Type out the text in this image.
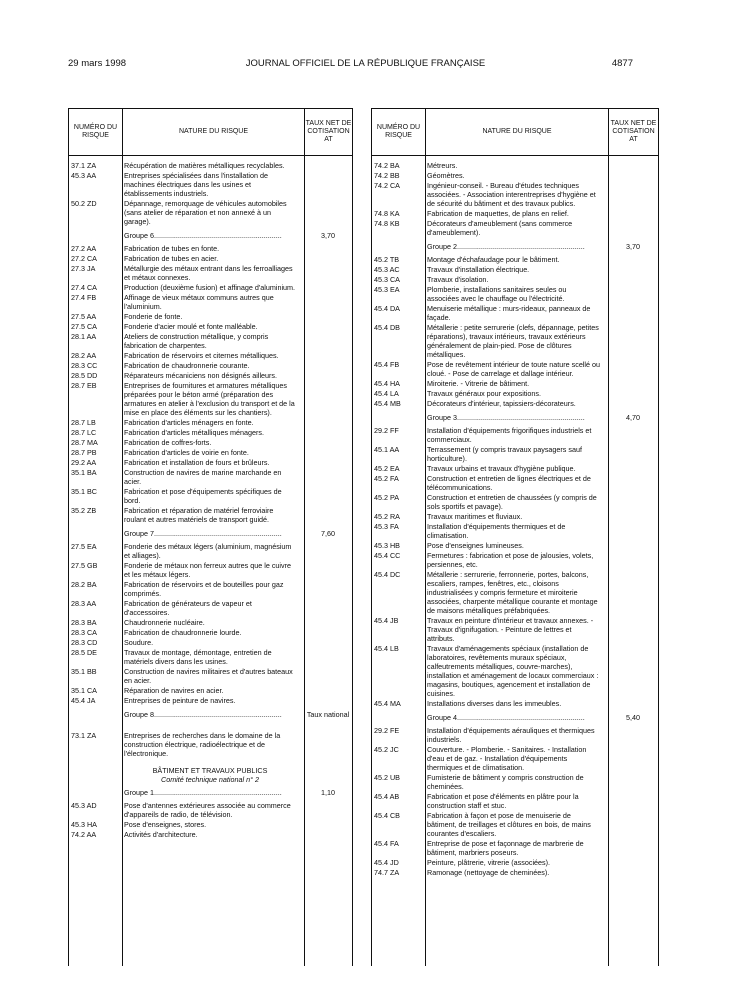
29 mars 1998	JOURNAL OFFICIEL DE LA RÉPUBLIQUE FRANÇAISE	4877
NUMÉRO DU RISQUE
NATURE DU RISQUE
TAUX NET DE COTISATION AT
37.1 ZA	Récupération de matières métalliques recyclables.
45.3 AA	Entreprises spécialisées dans l'installation de machines électriques dans les usines et établissements industriels.
50.2 ZD	Dépannage, remorquage de véhicules automobiles (sans atelier de réparation et non annexé à un garage).
Groupe 6................................................................	3,70
27.2 AA	Fabrication de tubes en fonte.
27.2 CA	Fabrication de tubes en acier.
27.3 JA	Métallurgie des métaux entrant dans les ferroalliages et métaux connexes.
27.4 CA	Production (deuxième fusion) et affinage d'aluminium.
27.4 FB	Affinage de vieux métaux communs autres que l'aluminium.
27.5 AA	Fonderie de fonte.
27.5 CA	Fonderie d'acier moulé et fonte malléable.
28.1 AA	Ateliers de construction métallique, y compris fabrication de charpentes.
28.2 AA	Fabrication de réservoirs et citernes métalliques.
28.3 CC	Fabrication de chaudronnerie courante.
28.5 DD	Réparateurs mécaniciens non désignés ailleurs.
28.7 EB	Entreprises de fournitures et armatures métalliques préparées pour le béton armé (préparation des armatures en atelier à l'exclusion du transport et de la mise en place des éléments sur les chantiers).
28.7 LB	Fabrication d'articles ménagers en fonte.
28.7 LC	Fabrication d'articles métalliques ménagers.
28.7 MA	Fabrication de coffres-forts.
28.7 PB	Fabrication d'articles de voirie en fonte.
29.2 AA	Fabrication et installation de fours et brûleurs.
35.1 BA	Construction de navires de marine marchande en acier.
35.1 BC	Fabrication et pose d'équipements spécifiques de bord.
35.2 ZB	Fabrication et réparation de matériel ferroviaire roulant et autres matériels de transport guidé.
Groupe 7................................................................	7,60
27.5 EA	Fonderie des métaux légers (aluminium, magnésium et alliages).
27.5 GB	Fonderie de métaux non ferreux autres que le cuivre et les métaux légers.
28.2 BA	Fabrication de réservoirs et de bouteilles pour gaz comprimés.
28.3 AA	Fabrication de générateurs de vapeur et d'accessoires.
28.3 BA	Chaudronnerie nucléaire.
28.3 CA	Fabrication de chaudronnerie lourde.
28.3 CD	Soudure.
28.5 DE	Travaux de montage, démontage, entretien de matériels divers dans les usines.
35.1 BB	Construction de navires militaires et d'autres bateaux en acier.
35.1 CA	Réparation de navires en acier.
45.4 JA	Entreprises de peinture de navires.
Groupe 8................................................................	Taux national
73.1 ZA	Entreprises de recherches dans le domaine de la construction électrique, radioélectrique et de l'électronique.
BÂTIMENT ET TRAVAUX PUBLICS
Comité technique national n° 2
Groupe 1................................................................	1,10
45.3 AD	Pose d'antennes extérieures associée au commerce d'appareils de radio, de télévision.
45.3 HA	Pose d'enseignes, stores.
74.2 AA	Activités d'architecture.
NUMÉRO DU RISQUE
NATURE DU RISQUE
TAUX NET DE COTISATION AT
74.2 BA	Métreurs.
74.2 BB	Géomètres.
74.2 CA	Ingénieur-conseil. - Bureau d'études techniques associées. - Association interentreprises d'hygiène et de sécurité du bâtiment et des travaux publics.
74.8 KA	Fabrication de maquettes, de plans en relief.
74.8 KB	Décorateurs d'ameublement (sans commerce d'ameublement).
Groupe 2................................................................	3,70
45.2 TB	Montage d'échafaudage pour le bâtiment.
45.3 AC	Travaux d'installation électrique.
45.3 CA	Travaux d'isolation.
45.3 EA	Plomberie, installations sanitaires seules ou associées avec le chauffage ou l'électricité.
45.4 DA	Menuiserie métallique : murs-rideaux, panneaux de façade.
45.4 DB	Métallerie : petite serrurerie (clefs, dépannage, petites réparations), travaux intérieurs, travaux extérieurs généralement de plain-pied. Pose de clôtures métalliques.
45.4 FB	Pose de revêtement intérieur de toute nature scellé ou cloué. - Pose de carrelage et dallage intérieur.
45.4 HA	Miroiterie. - Vitrerie de bâtiment.
45.4 LA	Travaux généraux pour expositions.
45.4 MB	Décorateurs d'intérieur, tapissiers-décorateurs.
Groupe 3................................................................	4,70
29.2 FF	Installation d'équipements frigorifiques industriels et commerciaux.
45.1 AA	Terrassement (y compris travaux paysagers sauf horticulture).
45.2 EA	Travaux urbains et travaux d'hygiène publique.
45.2 FA	Construction et entretien de lignes électriques et de télécommunications.
45.2 PA	Construction et entretien de chaussées (y compris de sols sportifs et pavage).
45.2 RA	Travaux maritimes et fluviaux.
45.3 FA	Installation d'équipements thermiques et de climatisation.
45.3 HB	Pose d'enseignes lumineuses.
45.4 CC	Fermetures : fabrication et pose de jalousies, volets, persiennes, etc.
45.4 DC	Métallerie : serrurerie, ferronnerie, portes, balcons, escaliers, rampes, fenêtres, etc., cloisons industrialisées y compris fermeture et miroiterie associées, charpente métallique courante et montage de maisons métalliques préfabriquées.
45.4 JB	Travaux en peinture d'intérieur et travaux annexes. - Travaux d'ignifugation. - Peinture de lettres et attributs.
45.4 LB	Travaux d'aménagements spéciaux (installation de laboratoires, revêtements muraux spéciaux, calfeutrements métalliques, couvre-marches), installation et aménagement de locaux commerciaux : magasins, boutiques, agencement et installation de cuisines.
45.4 MA	Installations diverses dans les immeubles.
Groupe 4................................................................	5,40
29.2 FE	Installation d'équipements aérauliques et thermiques industriels.
45.2 JC	Couverture. - Plomberie. - Sanitaires. - Installation d'eau et de gaz. - Installation d'équipements thermiques et de climatisation.
45.2 UB	Fumisterie de bâtiment y compris construction de cheminées.
45.4 AB	Fabrication et pose d'éléments en plâtre pour la construction staff et stuc.
45.4 CB	Fabrication à façon et pose de menuiserie de bâtiment, de treillages et clôtures en bois, de mains courantes d'escaliers.
45.4 FA	Entreprise de pose et façonnage de marbrerie de bâtiment, marbriers poseurs.
45.4 JD	Peinture, plâtrerie, vitrerie (associées).
74.7 ZA	Ramonage (nettoyage de cheminées).
